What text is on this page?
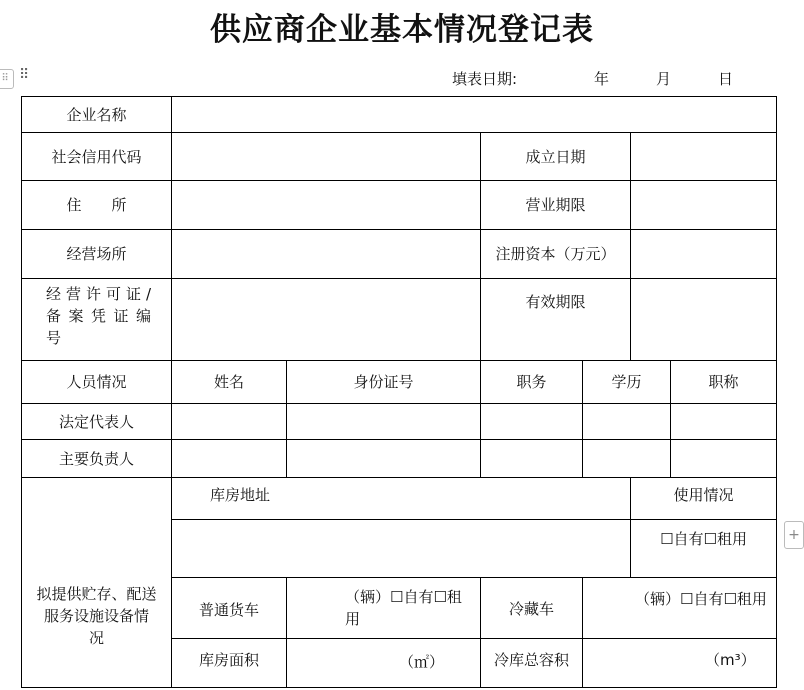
供应商企业基本情况登记表
⠿ ⠿	填表日期:	年	月	日
企业名称						
社会信用代码			成立日期			
住　　所			营业期限			
经营场所			注册资本（万元）			

经营许可证/
备案凭证编
号			有效期限			
人员情况	姓名	身份证号	职务	学历		职称
法定代表人						
主要负责人						

拟提供贮存、配送
服务设施设备情
况	库房地址				使用情况	
					☐自有☐租用	
	普通货车	（辆）☐自有☐租用	冷藏车	（辆）☐自有☐租用		
	库房面积	（㎡）	冷库总容积	（m³）		
+
